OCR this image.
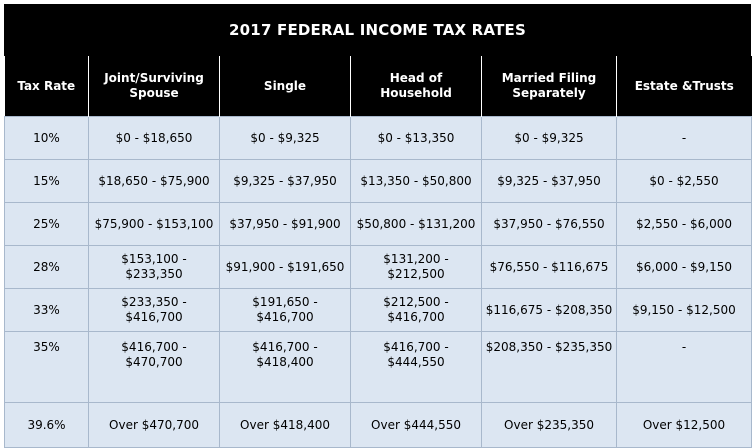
2017 FEDERAL INCOME TAX RATES
Tax Rate	Joint/Surviving Spouse	Single	Head of Household	Married Filing Separately	Estate &Trusts
10%	$0 - $18,650	$0 - $9,325	$0 - $13,350	$0 - $9,325	-
15%	$18,650 - $75,900	$9,325 - $37,950	$13,350 - $50,800	$9,325 - $37,950	$0 - $2,550
25%	$75,900 - $153,100	$37,950 - $91,900	$50,800 - $131,200	$37,950 - $76,550	$2,550 - $6,000
28%	$153,100 - $233,350	$91,900 - $191,650	$131,200 - $212,500	$76,550 - $116,675	$6,000 - $9,150
33%	$233,350 - $416,700	$191,650 - $416,700	$212,500 - $416,700	$116,675 - $208,350	$9,150 - $12,500
35%	$416,700 - $470,700	$416,700 - $418,400	$416,700 - $444,550	$208,350 - $235,350	-
39.6%	Over $470,700	Over $418,400	Over $444,550	Over $235,350	Over $12,500
